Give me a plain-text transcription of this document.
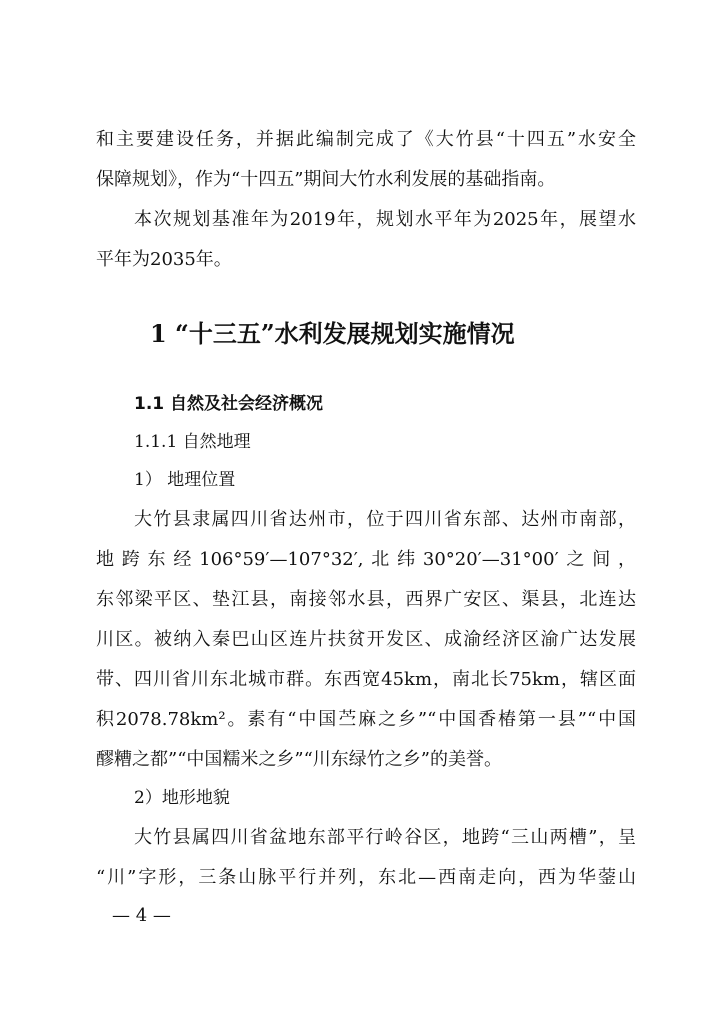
和主要建设任务，并据此编制完成了《大竹县“十四五”水安全
保障规划》，作为“十四五”期间大竹水利发展的基础指南。
本次规划基准年为2019年，规划水平年为2025年，展望水
平年为2035年。
1 “十三五”水利发展规划实施情况
1.1 自然及社会经济概况
1.1.1 自然地理
1） 地理位置
大竹县隶属四川省达州市，位于四川省东部、达州市南部，
地跨东经106°59′—107°32′,北纬30°20′—31°00′之间，
东邻梁平区、垫江县，南接邻水县，西界广安区、渠县，北连达
川区。被纳入秦巴山区连片扶贫开发区、成渝经济区渝广达发展
带、四川省川东北城市群。东西宽45km，南北长75km，辖区面
积2078.78km²。素有“中国苎麻之乡”“中国香椿第一县”“中国
醪糟之都”“中国糯米之乡”“川东绿竹之乡”的美誉。
2）地形地貌
大竹县属四川省盆地东部平行岭谷区，地跨“三山两槽”，呈
“川”字形，三条山脉平行并列，东北—西南走向，西为华蓥山
— 4 —
